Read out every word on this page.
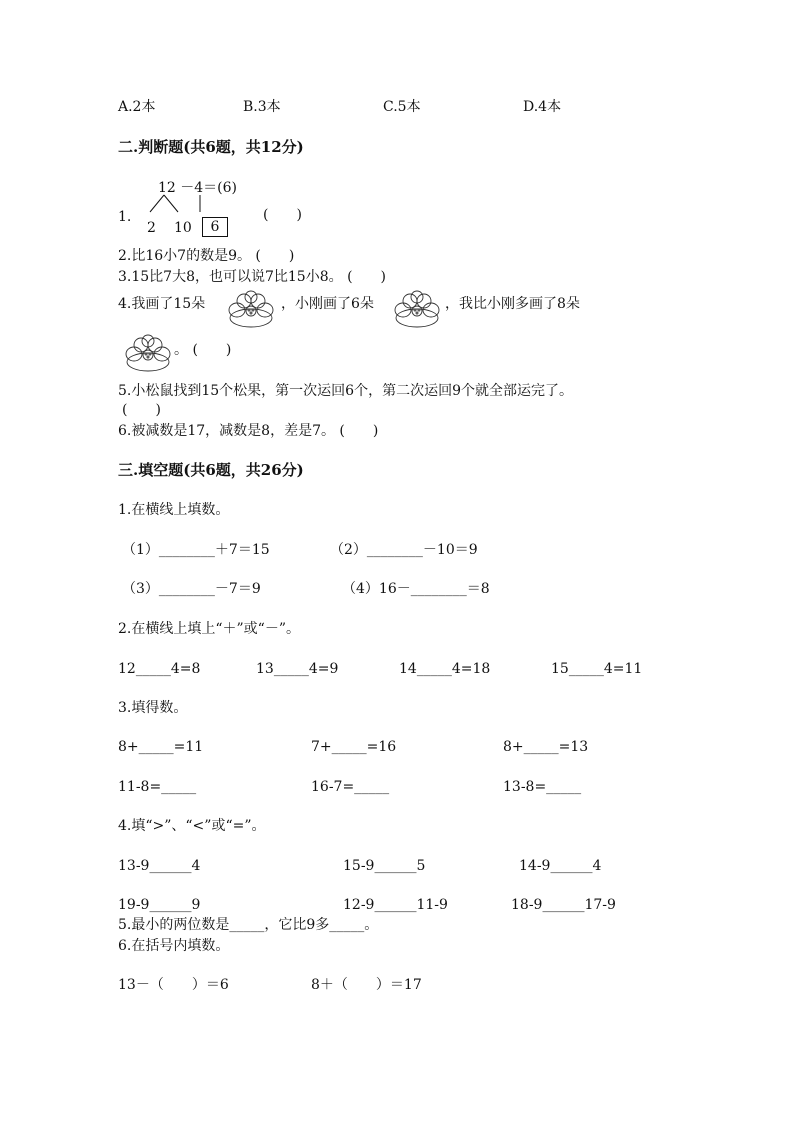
A.2本	B.3本	C.5本	D.4本
二.判断题(共6题，共12分)
12 －4＝(6)
1.
2 10	6
(　　)
2.比16小7的数是9。 (　　)
3.15比7大8，也可以说7比15小8。 (　　)
4.我画了15朵	，小刚画了6朵	，我比小刚多画了8朵
。 (　　)
5.小松鼠找到15个松果，第一次运回6个，第二次运回9个就全部运完了。
(　　)
6.被减数是17，减数是8，差是7。 (　　)
三.填空题(共6题，共26分)
1.在横线上填数。
（1）________＋7＝15	（2）________－10＝9
（3）________－7＝9	（4）16－________＝8
2.在横线上填上“＋”或“－”。
12_____4=8	13_____4=9	14_____4=18	15_____4=11
3.填得数。
8+_____=11	7+_____=16	8+_____=13
11-8=_____	16-7=_____	13-8=_____
4.填“>”、“<”或“=”。
13-9______4	15-9______5	14-9______4
19-9______9	12-9______11-9	18-9______17-9
5.最小的两位数是_____，它比9多_____。
6.在括号内填数。
13－（　　）＝6	8＋（　　）＝17
